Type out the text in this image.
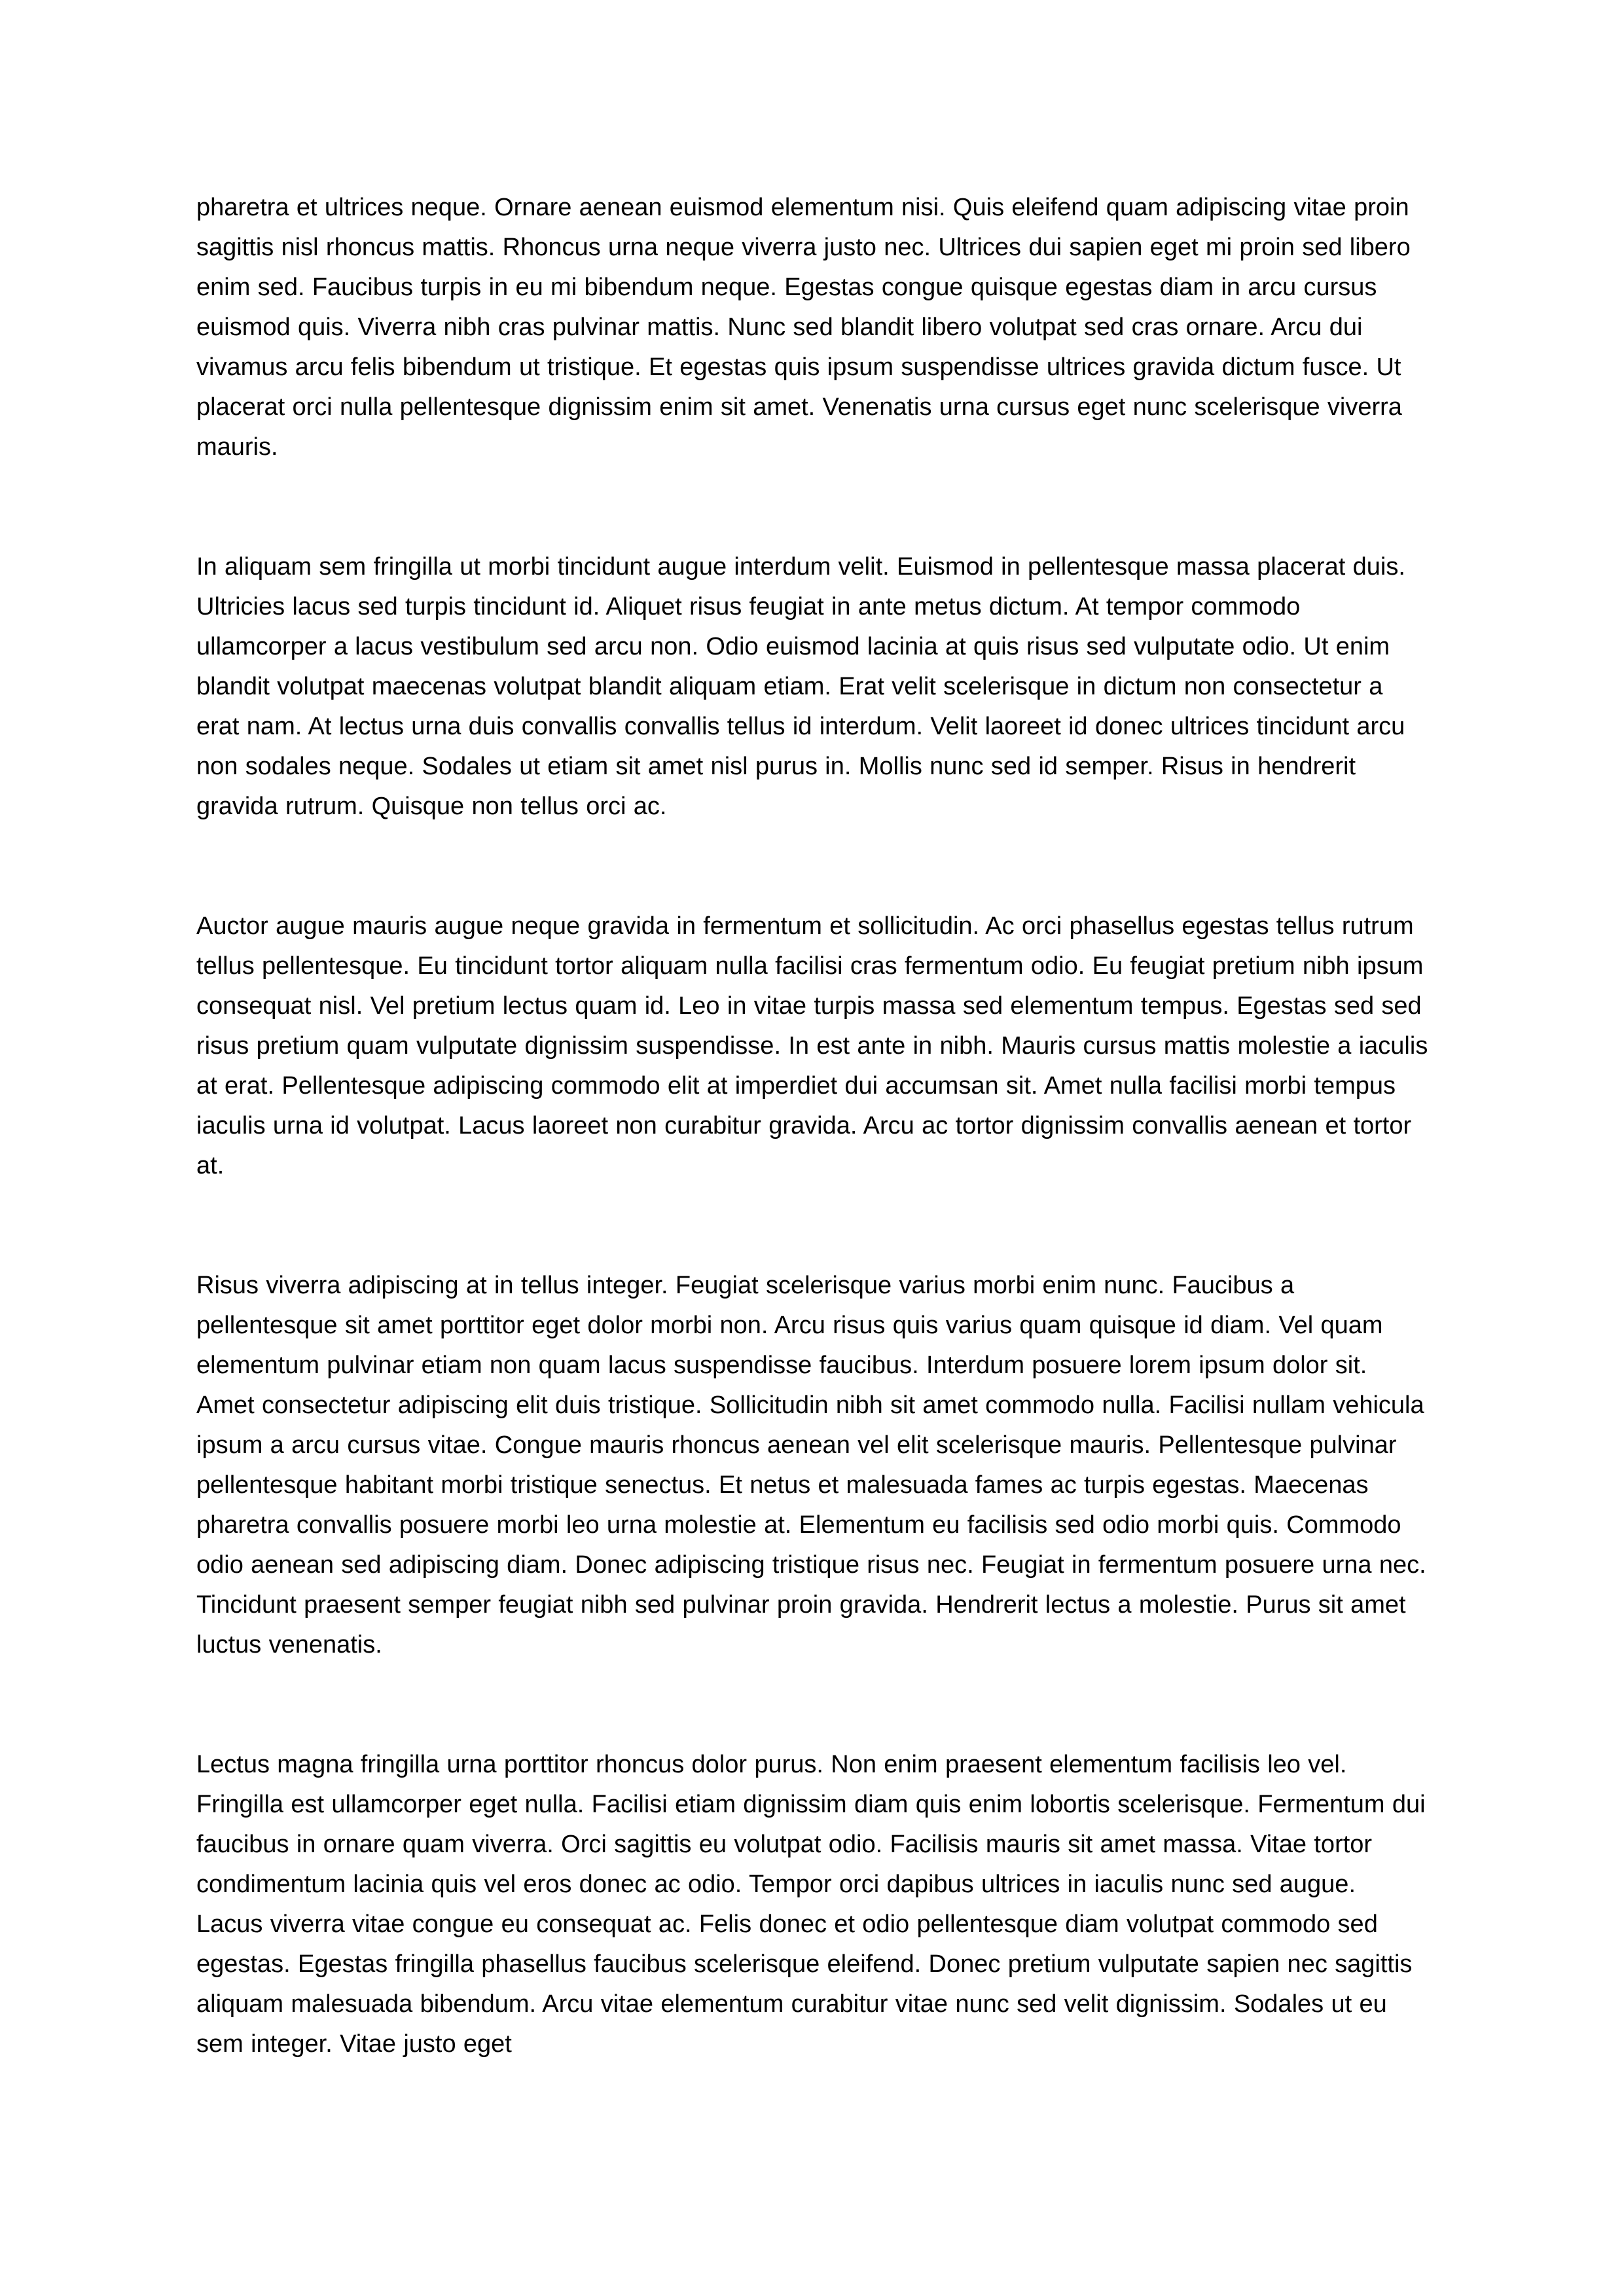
pharetra et ultrices neque. Ornare aenean euismod elementum nisi. Quis eleifend quam adipiscing vitae proin sagittis nisl rhoncus mattis. Rhoncus urna neque viverra justo nec. Ultrices dui sapien eget mi proin sed libero enim sed. Faucibus turpis in eu mi bibendum neque. Egestas congue quisque egestas diam in arcu cursus euismod quis. Viverra nibh cras pulvinar mattis. Nunc sed blandit libero volutpat sed cras ornare. Arcu dui vivamus arcu felis bibendum ut tristique. Et egestas quis ipsum suspendisse ultrices gravida dictum fusce. Ut placerat orci nulla pellentesque dignissim enim sit amet. Venenatis urna cursus eget nunc scelerisque viverra mauris.

In aliquam sem fringilla ut morbi tincidunt augue interdum velit. Euismod in pellentesque massa placerat duis. Ultricies lacus sed turpis tincidunt id. Aliquet risus feugiat in ante metus dictum. At tempor commodo ullamcorper a lacus vestibulum sed arcu non. Odio euismod lacinia at quis risus sed vulputate odio. Ut enim blandit volutpat maecenas volutpat blandit aliquam etiam. Erat velit scelerisque in dictum non consectetur a erat nam. At lectus urna duis convallis convallis tellus id interdum. Velit laoreet id donec ultrices tincidunt arcu non sodales neque. Sodales ut etiam sit amet nisl purus in. Mollis nunc sed id semper. Risus in hendrerit gravida rutrum. Quisque non tellus orci ac.

Auctor augue mauris augue neque gravida in fermentum et sollicitudin. Ac orci phasellus egestas tellus rutrum tellus pellentesque. Eu tincidunt tortor aliquam nulla facilisi cras fermentum odio. Eu feugiat pretium nibh ipsum consequat nisl. Vel pretium lectus quam id. Leo in vitae turpis massa sed elementum tempus. Egestas sed sed risus pretium quam vulputate dignissim suspendisse. In est ante in nibh. Mauris cursus mattis molestie a iaculis at erat. Pellentesque adipiscing commodo elit at imperdiet dui accumsan sit. Amet nulla facilisi morbi tempus iaculis urna id volutpat. Lacus laoreet non curabitur gravida. Arcu ac tortor dignissim convallis aenean et tortor at.

Risus viverra adipiscing at in tellus integer. Feugiat scelerisque varius morbi enim nunc. Faucibus a pellentesque sit amet porttitor eget dolor morbi non. Arcu risus quis varius quam quisque id diam. Vel quam elementum pulvinar etiam non quam lacus suspendisse faucibus. Interdum posuere lorem ipsum dolor sit. Amet consectetur adipiscing elit duis tristique. Sollicitudin nibh sit amet commodo nulla. Facilisi nullam vehicula ipsum a arcu cursus vitae. Congue mauris rhoncus aenean vel elit scelerisque mauris. Pellentesque pulvinar pellentesque habitant morbi tristique senectus. Et netus et malesuada fames ac turpis egestas. Maecenas pharetra convallis posuere morbi leo urna molestie at. Elementum eu facilisis sed odio morbi quis. Commodo odio aenean sed adipiscing diam. Donec adipiscing tristique risus nec. Feugiat in fermentum posuere urna nec. Tincidunt praesent semper feugiat nibh sed pulvinar proin gravida. Hendrerit lectus a molestie. Purus sit amet luctus venenatis.

Lectus magna fringilla urna porttitor rhoncus dolor purus. Non enim praesent elementum facilisis leo vel. Fringilla est ullamcorper eget nulla. Facilisi etiam dignissim diam quis enim lobortis scelerisque. Fermentum dui faucibus in ornare quam viverra. Orci sagittis eu volutpat odio. Facilisis mauris sit amet massa. Vitae tortor condimentum lacinia quis vel eros donec ac odio. Tempor orci dapibus ultrices in iaculis nunc sed augue. Lacus viverra vitae congue eu consequat ac. Felis donec et odio pellentesque diam volutpat commodo sed egestas. Egestas fringilla phasellus faucibus scelerisque eleifend. Donec pretium vulputate sapien nec sagittis aliquam malesuada bibendum. Arcu vitae elementum curabitur vitae nunc sed velit dignissim. Sodales ut eu sem integer. Vitae justo eget
